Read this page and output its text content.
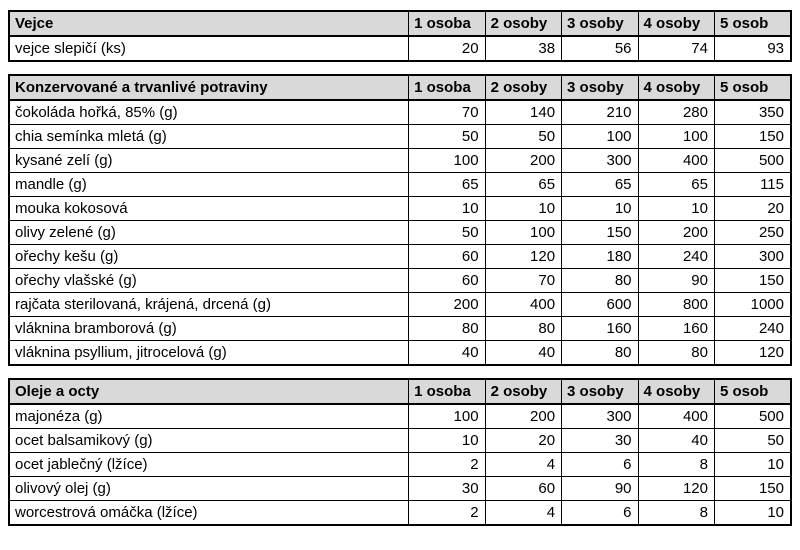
Vejce	1 osoba	2 osoby	3 osoby	4 osoby	5 osob
vejce slepičí (ks)	20	38	56	74	93
Konzervované a trvanlivé potraviny	1 osoba	2 osoby	3 osoby	4 osoby	5 osob
čokoláda hořká, 85% (g)	70	140	210	280	350
chia semínka mletá (g)	50	50	100	100	150
kysané zelí (g)	100	200	300	400	500
mandle (g)	65	65	65	65	115
mouka kokosová	10	10	10	10	20
olivy zelené (g)	50	100	150	200	250
ořechy kešu (g)	60	120	180	240	300
ořechy vlašské (g)	60	70	80	90	150
rajčata sterilovaná, krájená, drcená (g)	200	400	600	800	1000
vláknina bramborová (g)	80	80	160	160	240
vláknina psyllium, jitrocelová (g)	40	40	80	80	120
Oleje a octy	1 osoba	2 osoby	3 osoby	4 osoby	5 osob
majonéza (g)	100	200	300	400	500
ocet balsamikový (g)	10	20	30	40	50
ocet jablečný (lžíce)	2	4	6	8	10
olivový olej (g)	30	60	90	120	150
worcestrová omáčka (lžíce)	2	4	6	8	10
